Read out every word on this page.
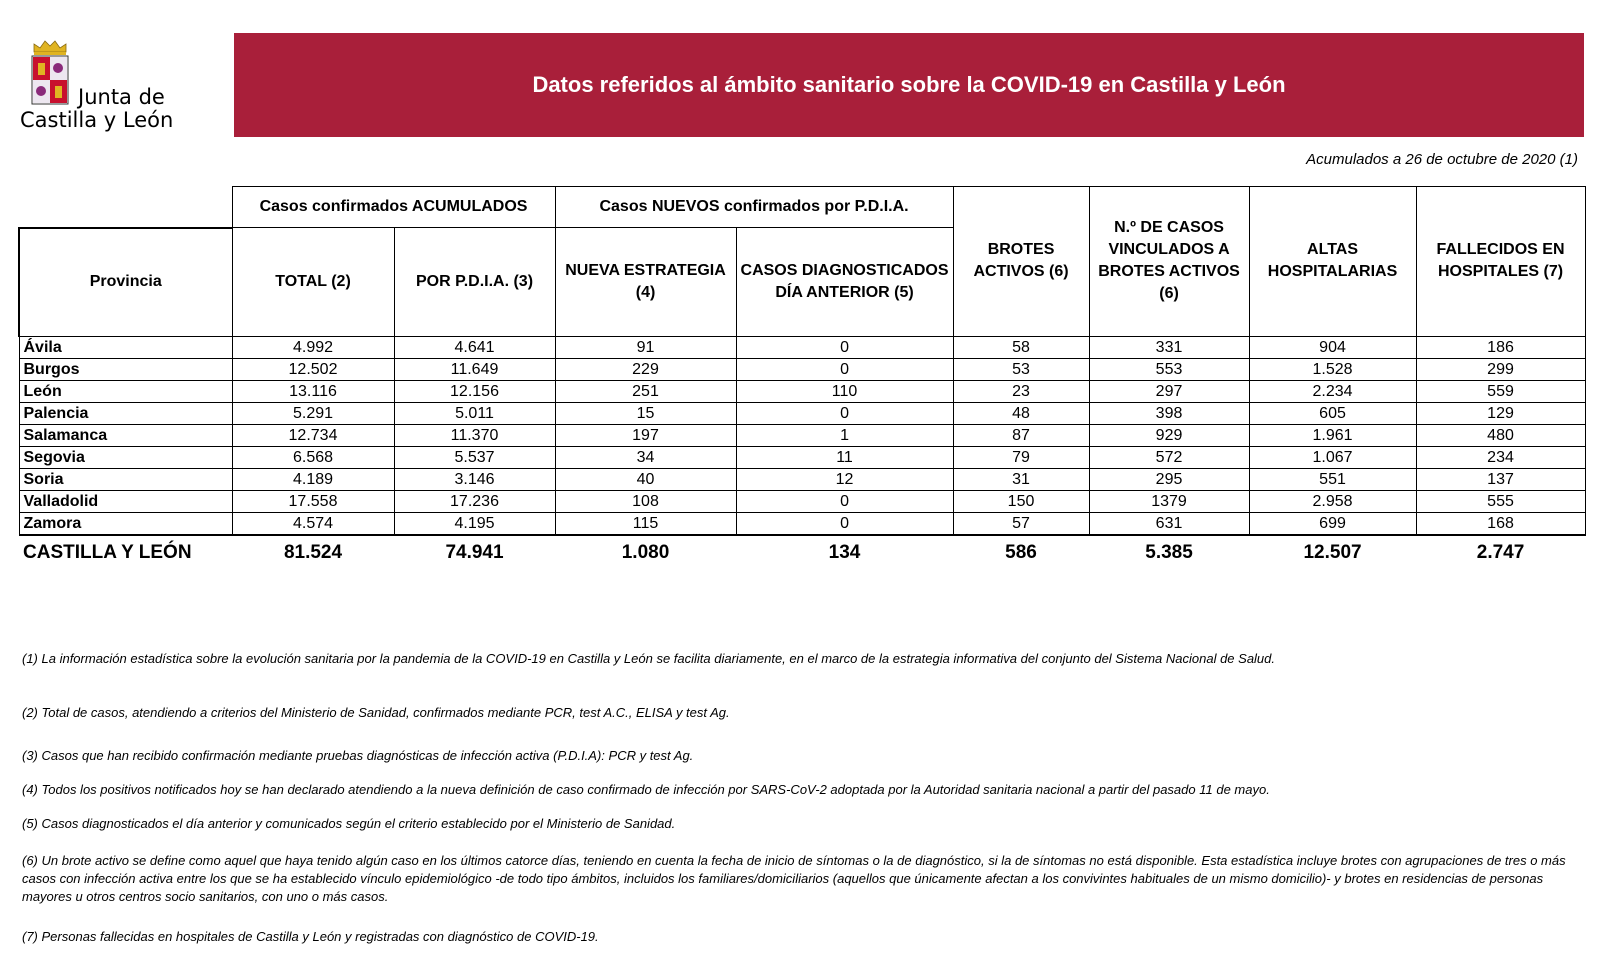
Junta de
Castilla y León
Datos referidos al ámbito sanitario sobre la COVID-19 en Castilla y León
Acumulados a 26 de octubre de 2020 (1)
	Casos confirmados ACUMULADOS		Casos NUEVOS confirmados por P.D.I.A.		BROTES ACTIVOS (6)	N.º DE CASOS VINCULADOS A BROTES ACTIVOS (6)	ALTAS HOSPITALARIAS	FALLECIDOS EN HOSPITALES (7)
Provincia	TOTAL (2)	POR P.D.I.A. (3)	NUEVA ESTRATEGIA (4)	CASOS DIAGNOSTICADOS DÍA ANTERIOR (5)				
Ávila	4.992	4.641	91	0	58	331	904	186
Burgos	12.502	11.649	229	0	53	553	1.528	299
León	13.116	12.156	251	110	23	297	2.234	559
Palencia	5.291	5.011	15	0	48	398	605	129
Salamanca	12.734	11.370	197	1	87	929	1.961	480
Segovia	6.568	5.537	34	11	79	572	1.067	234
Soria	4.189	3.146	40	12	31	295	551	137
Valladolid	17.558	17.236	108	0	150	1379	2.958	555
Zamora	4.574	4.195	115	0	57	631	699	168
CASTILLA Y LEÓN	81.524	74.941	1.080	134	586	5.385	12.507	2.747

(1) La información estadística sobre la evolución sanitaria por la pandemia de la COVID-19 en Castilla y León se facilita diariamente, en el marco de la estrategia informativa del conjunto del Sistema Nacional de Salud.

(2) Total de casos, atendiendo a criterios del Ministerio de Sanidad, confirmados mediante PCR, test A.C., ELISA y test Ag.

(3) Casos que han recibido confirmación mediante pruebas diagnósticas de infección activa (P.D.I.A): PCR y test Ag.

(4) Todos los positivos notificados hoy se han declarado atendiendo a la nueva definición de caso confirmado de infección por SARS-CoV-2 adoptada por la Autoridad sanitaria nacional a partir del pasado 11 de mayo.

(5) Casos diagnosticados el día anterior y comunicados según el criterio establecido por el Ministerio de Sanidad.

(6) Un brote activo se define como aquel que haya tenido algún caso en los últimos catorce días, teniendo en cuenta la fecha de inicio de síntomas o la de diagnóstico, si la de síntomas no está disponible. Esta estadística incluye brotes con agrupaciones de tres o más casos con infección activa entre los que se ha establecido vínculo epidemiológico -de todo tipo ámbitos, incluidos los familiares/domiciliarios (aquellos que únicamente afectan a los convivintes habituales de un mismo domicilio)- y brotes en residencias de personas mayores u otros centros socio sanitarios, con uno o más casos.

(7) Personas fallecidas en hospitales de Castilla y León y registradas con diagnóstico de COVID-19.
